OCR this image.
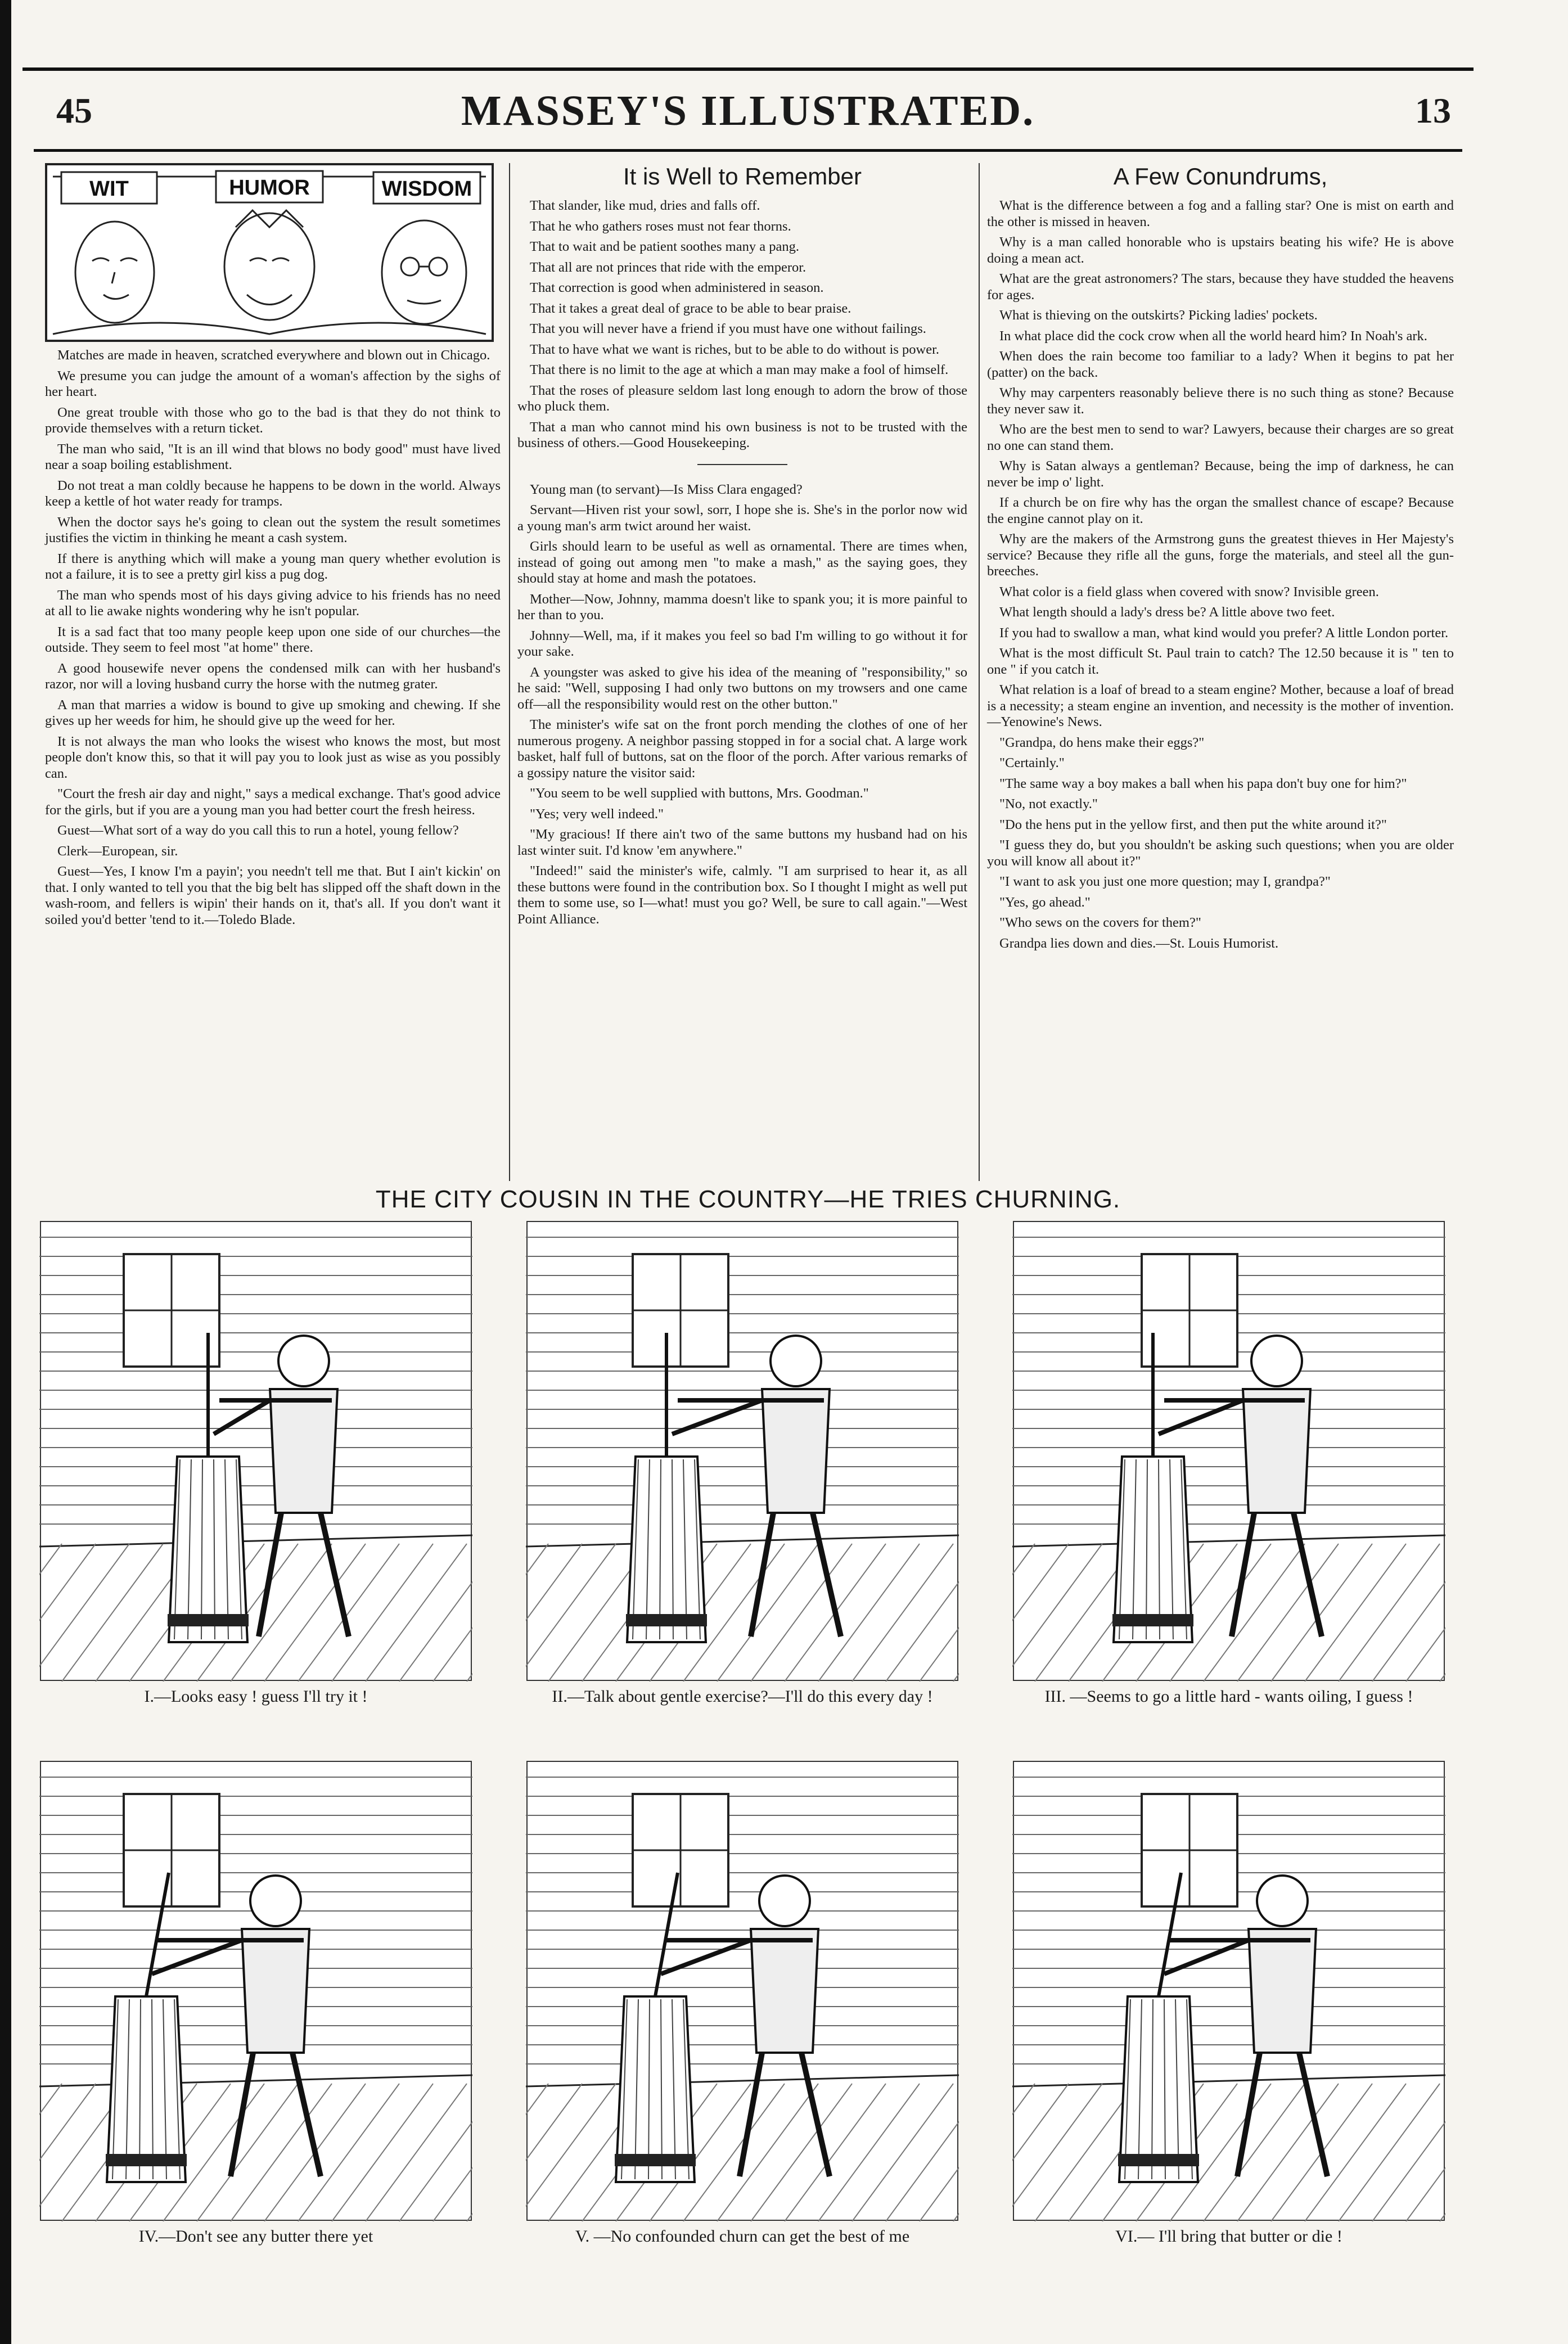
45	MASSEY'S ILLUSTRATED.	13
WIT	HUMOR	WISDOM

Matches are made in heaven, scratched everywhere and blown out in Chicago.

We presume you can judge the amount of a woman's affection by the sighs of her heart.

One great trouble with those who go to the bad is that they do not think to provide themselves with a return ticket.

The man who said, "It is an ill wind that blows no body good" must have lived near a soap boiling establishment.

Do not treat a man coldly because he happens to be down in the world. Always keep a kettle of hot water ready for tramps.

When the doctor says he's going to clean out the system the result sometimes justifies the victim in thinking he meant a cash system.

If there is anything which will make a young man query whether evolution is not a failure, it is to see a pretty girl kiss a pug dog.

The man who spends most of his days giving advice to his friends has no need at all to lie awake nights wondering why he isn't popular.

It is a sad fact that too many people keep upon one side of our churches—the outside. They seem to feel most "at home" there.

A good housewife never opens the condensed milk can with her husband's razor, nor will a loving husband curry the horse with the nutmeg grater.

A man that marries a widow is bound to give up smoking and chewing. If she gives up her weeds for him, he should give up the weed for her.

It is not always the man who looks the wisest who knows the most, but most people don't know this, so that it will pay you to look just as wise as you possibly can.

"Court the fresh air day and night," says a medical exchange. That's good advice for the girls, but if you are a young man you had better court the fresh heiress.

Guest—What sort of a way do you call this to run a hotel, young fellow?

Clerk—European, sir.

Guest—Yes, I know I'm a payin'; you needn't tell me that. But I ain't kickin' on that. I only wanted to tell you that the big belt has slipped off the shaft down in the wash-room, and fellers is wipin' their hands on it, that's all. If you don't want it soiled you'd better 'tend to it.—Toledo Blade.

It is Well to Remember

That slander, like mud, dries and falls off.

That he who gathers roses must not fear thorns.

That to wait and be patient soothes many a pang.

That all are not princes that ride with the emperor.

That correction is good when administered in season.

That it takes a great deal of grace to be able to bear praise.

That you will never have a friend if you must have one without failings.

That to have what we want is riches, but to be able to do without is power.

That there is no limit to the age at which a man may make a fool of himself.

That the roses of pleasure seldom last long enough to adorn the brow of those who pluck them.

That a man who cannot mind his own business is not to be trusted with the business of others.—Good Housekeeping.

Young man (to servant)—Is Miss Clara engaged?

Servant—Hiven rist your sowl, sorr, I hope she is. She's in the porlor now wid a young man's arm twict around her waist.

Girls should learn to be useful as well as ornamental. There are times when, instead of going out among men "to make a mash," as the saying goes, they should stay at home and mash the potatoes.

Mother—Now, Johnny, mamma doesn't like to spank you; it is more painful to her than to you.

Johnny—Well, ma, if it makes you feel so bad I'm willing to go without it for your sake.

A youngster was asked to give his idea of the meaning of "responsibility," so he said: "Well, supposing I had only two buttons on my trowsers and one came off—all the responsibility would rest on the other button."

The minister's wife sat on the front porch mending the clothes of one of her numerous progeny. A neighbor passing stopped in for a social chat. A large work basket, half full of buttons, sat on the floor of the porch. After various remarks of a gossipy nature the visitor said:

"You seem to be well supplied with buttons, Mrs. Goodman."

"Yes; very well indeed."

"My gracious! If there ain't two of the same buttons my husband had on his last winter suit. I'd know 'em anywhere."

"Indeed!" said the minister's wife, calmly. "I am surprised to hear it, as all these buttons were found in the contribution box. So I thought I might as well put them to some use, so I—what! must you go? Well, be sure to call again."—West Point Alliance.

A Few Conundrums,

What is the difference between a fog and a falling star? One is mist on earth and the other is missed in heaven.

Why is a man called honorable who is upstairs beating his wife? He is above doing a mean act.

What are the great astronomers? The stars, because they have studded the heavens for ages.

What is thieving on the outskirts? Picking ladies' pockets.

In what place did the cock crow when all the world heard him? In Noah's ark.

When does the rain become too familiar to a lady? When it begins to pat her (patter) on the back.

Why may carpenters reasonably believe there is no such thing as stone? Because they never saw it.

Who are the best men to send to war? Lawyers, because their charges are so great no one can stand them.

Why is Satan always a gentleman? Because, being the imp of darkness, he can never be imp o' light.

If a church be on fire why has the organ the smallest chance of escape? Because the engine cannot play on it.

Why are the makers of the Armstrong guns the greatest thieves in Her Majesty's service? Because they rifle all the guns, forge the materials, and steel all the gun-breeches.

What color is a field glass when covered with snow? Invisible green.

What length should a lady's dress be? A little above two feet.

If you had to swallow a man, what kind would you prefer? A little London porter.

What is the most difficult St. Paul train to catch? The 12.50 because it is " ten to one " if you catch it.

What relation is a loaf of bread to a steam engine? Mother, because a loaf of bread is a necessity; a steam engine an invention, and necessity is the mother of invention.—Yenowine's News.

"Grandpa, do hens make their eggs?"

"Certainly."

"The same way a boy makes a ball when his papa don't buy one for him?"

"No, not exactly."

"Do the hens put in the yellow first, and then put the white around it?"

"I guess they do, but you shouldn't be asking such questions; when you are older you will know all about it?"

"I want to ask you just one more question; may I, grandpa?"

"Yes, go ahead."

"Who sews on the covers for them?"

Grandpa lies down and dies.—St. Louis Humorist.

THE CITY COUSIN IN THE COUNTRY—HE TRIES CHURNING.
I.—Looks easy ! guess I'll try it !	II.—Talk about gentle exercise?—I'll do this every day !	III. —Seems to go a little hard - wants oiling, I guess !
IV.—Don't see any butter there yet	V. —No confounded churn can get the best of me	VI.— I'll bring that butter or die !
